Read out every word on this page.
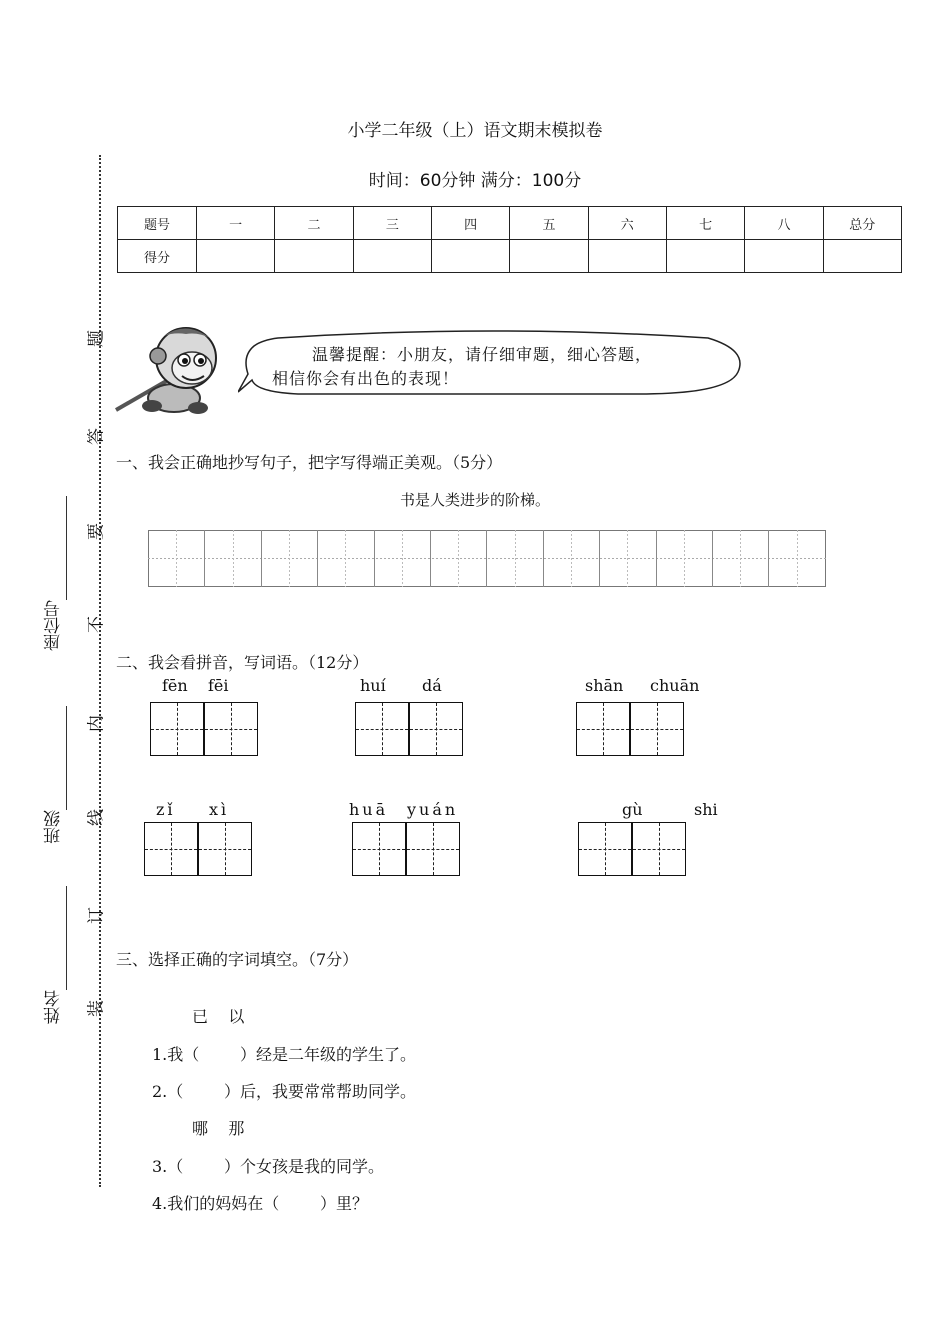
小学二年级（上）语文期末模拟卷
时间：60分钟 满分：100分
题
答
要
不
内
线
订
装
座位号
班级
姓名
题号	一	二	三	四	五	六	七	八	总分
得分									
温馨提醒：小朋友，请仔细审题，细心答题，
相信你会有出色的表现！
一、我会正确地抄写句子，把字写得端正美观。（5分）
书是人类进步的阶梯。
二、我会看拼音，写词语。（12分）
fēn fēi	huí dá	shān chuān
zǐ xì	huā yuán	gù	shi
三、选择正确的字词填空。（7分）
已    以
1.我（        ）经是二年级的学生了。
2.（        ）后，我要常常帮助同学。
哪    那
3.（        ）个女孩是我的同学。
4.我们的妈妈在（        ）里？
